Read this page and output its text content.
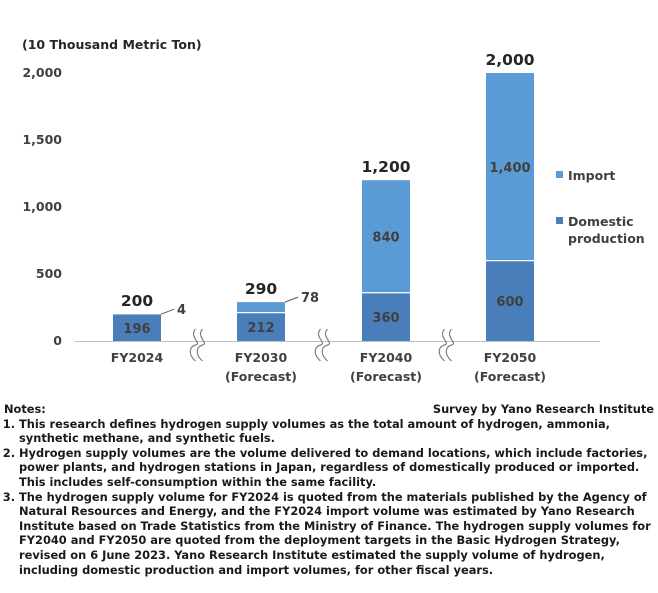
(10 Thousand Metric Ton)
0
500
1,000
1,500
2,000
196
4
200
212
78
290
360
840
1,200
600
1,400
2,000
FY2024	FY2030
(Forecast)
FY2040
(Forecast)
FY2050
(Forecast)
Import
Domestic
production
Notes:	Survey by Yano Research Institute
1. This research defines hydrogen supply volumes as the total amount of hydrogen, ammonia, synthetic methane, and synthetic fuels.
2. Hydrogen supply volumes are the volume delivered to demand locations, which include factories, power plants, and hydrogen stations in Japan, regardless of domestically produced or imported. This includes self-consumption within the same facility.
3. The hydrogen supply volume for FY2024 is quoted from the materials published by the Agency of Natural Resources and Energy, and the FY2024 import volume was estimated by Yano Research Institute based on Trade Statistics from the Ministry of Finance. The hydrogen supply volumes for FY2040 and FY2050 are quoted from the deployment targets in the Basic Hydrogen Strategy, revised on 6 June 2023. Yano Research Institute estimated the supply volume of hydrogen, including domestic production and import volumes, for other fiscal years.
